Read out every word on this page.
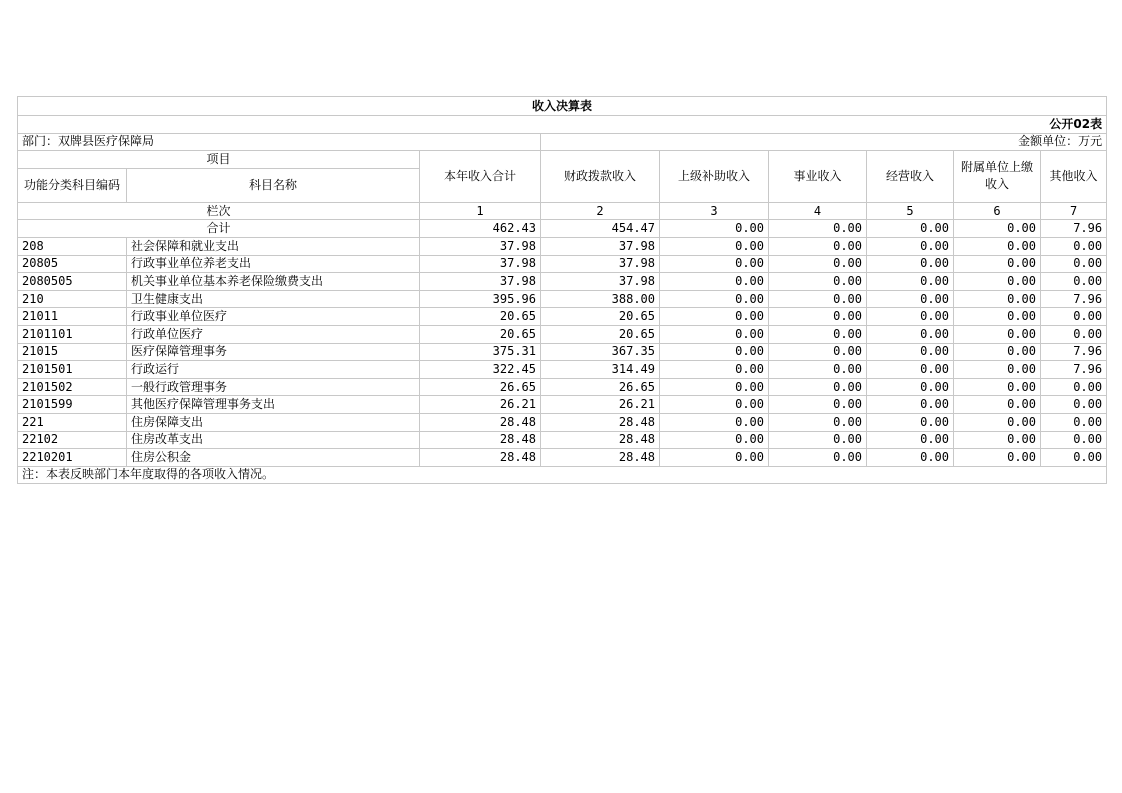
收入决算表								
			公开02表					
部门：双牌县医疗保障局			金额单位：万元					
项目		本年收入合计	财政拨款收入	上级补助收入	事业收入	经营收入	附属单位上缴收入	其他收入
功能分类科目编码	科目名称							
栏次		1	2	3	4	5	6	7
合计		462.43	454.47	0.00	0.00	0.00	0.00	7.96
208	社会保障和就业支出	37.98	37.98	0.00	0.00	0.00	0.00	0.00
20805	行政事业单位养老支出	37.98	37.98	0.00	0.00	0.00	0.00	0.00
2080505	机关事业单位基本养老保险缴费支出	37.98	37.98	0.00	0.00	0.00	0.00	0.00
210	卫生健康支出	395.96	388.00	0.00	0.00	0.00	0.00	7.96
21011	行政事业单位医疗	20.65	20.65	0.00	0.00	0.00	0.00	0.00
2101101	行政单位医疗	20.65	20.65	0.00	0.00	0.00	0.00	0.00
21015	医疗保障管理事务	375.31	367.35	0.00	0.00	0.00	0.00	7.96
2101501	行政运行	322.45	314.49	0.00	0.00	0.00	0.00	7.96
2101502	一般行政管理事务	26.65	26.65	0.00	0.00	0.00	0.00	0.00
2101599	其他医疗保障管理事务支出	26.21	26.21	0.00	0.00	0.00	0.00	0.00
221	住房保障支出	28.48	28.48	0.00	0.00	0.00	0.00	0.00
22102	住房改革支出	28.48	28.48	0.00	0.00	0.00	0.00	0.00
2210201	住房公积金	28.48	28.48	0.00	0.00	0.00	0.00	0.00
注：本表反映部门本年度取得的各项收入情况。								
